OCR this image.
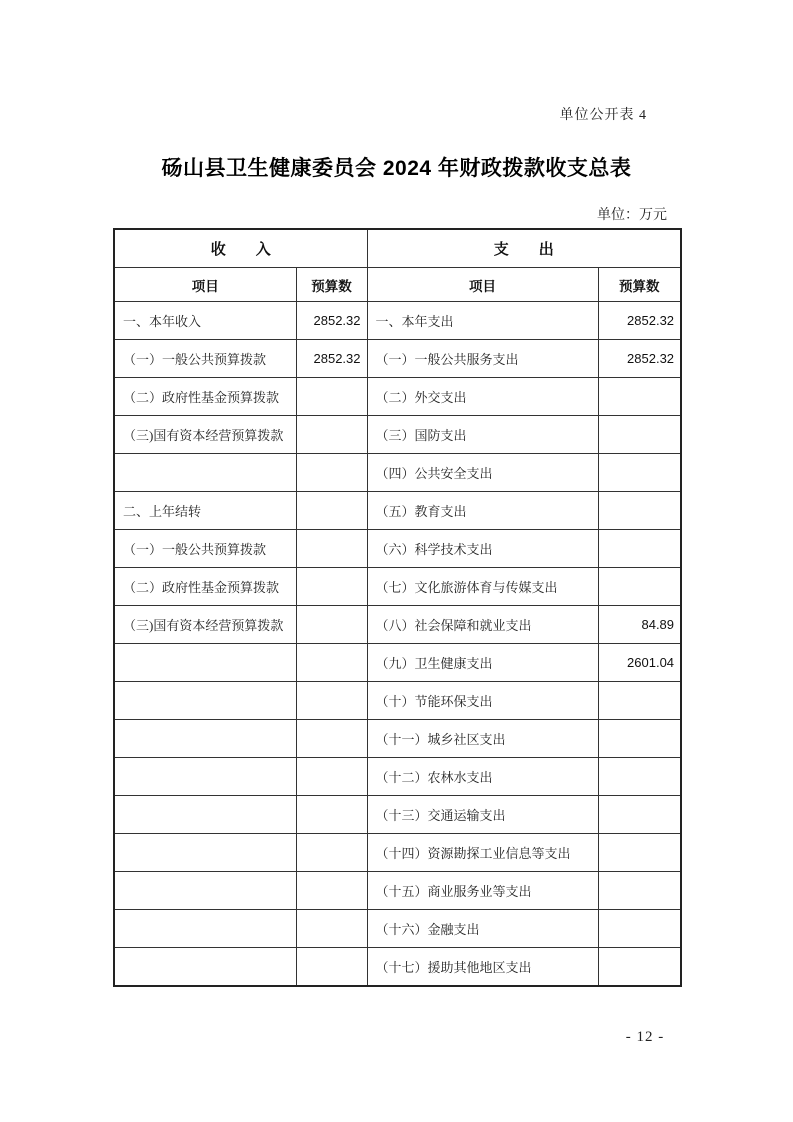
单位公开表 4
砀山县卫生健康委员会 2024 年财政拨款收支总表
单位：万元
收　　入		支　　出	
项目	预算数	项目	预算数
一、本年收入	2852.32	一、本年支出	2852.32
（一）一般公共预算拨款	2852.32	（一）一般公共服务支出	2852.32
（二）政府性基金预算拨款		（二）外交支出	
（三)国有资本经营预算拨款		（三）国防支出	
		（四）公共安全支出	
二、上年结转		（五）教育支出	
（一）一般公共预算拨款		（六）科学技术支出	
（二）政府性基金预算拨款		（七）文化旅游体育与传媒支出	
（三)国有资本经营预算拨款		（八）社会保障和就业支出	84.89
		（九）卫生健康支出	2601.04
		（十）节能环保支出	
		（十一）城乡社区支出	
		（十二）农林水支出	
		（十三）交通运输支出	
		（十四）资源勘探工业信息等支出	
		（十五）商业服务业等支出	
		（十六）金融支出	
		（十七）援助其他地区支出	
- 12 -
